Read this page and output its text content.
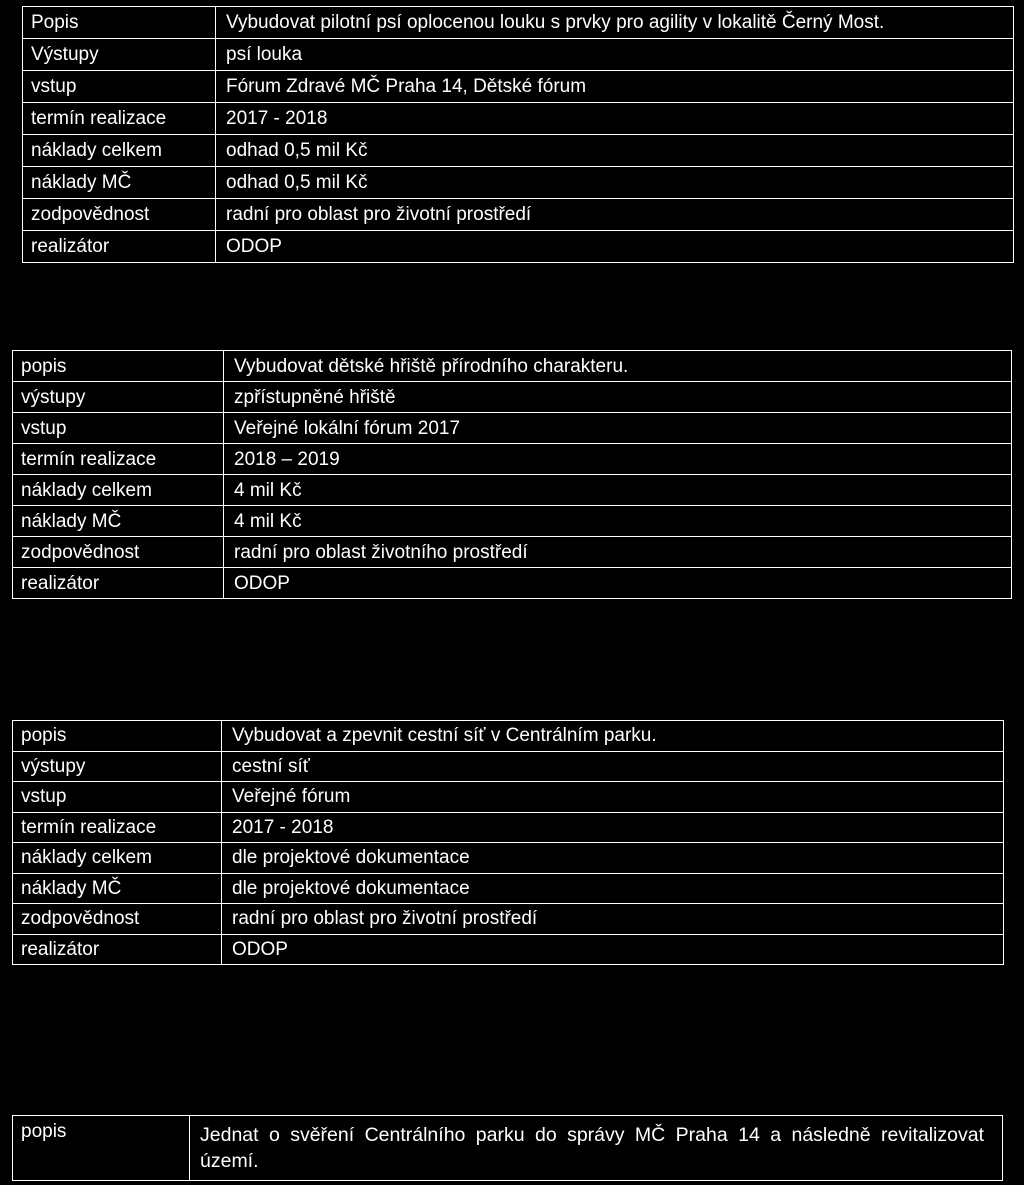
Popis	Vybudovat pilotní psí oplocenou louku s prvky pro agility v lokalitě Černý Most.
Výstupy	psí louka
vstup	Fórum Zdravé MČ Praha 14, Dětské fórum
termín realizace	2017 - 2018
náklady celkem	odhad 0,5 mil Kč
náklady MČ	odhad 0,5 mil Kč
zodpovědnost	radní pro oblast pro životní prostředí
realizátor	ODOP
popis	Vybudovat dětské hřiště přírodního charakteru.
výstupy	zpřístupněné hřiště
vstup	Veřejné lokální fórum 2017
termín realizace	2018 – 2019
náklady celkem	4 mil Kč
náklady MČ	4 mil Kč
zodpovědnost	radní pro oblast životního prostředí
realizátor	ODOP
popis	Vybudovat a zpevnit cestní síť v Centrálním parku.
výstupy	cestní síť
vstup	Veřejné fórum
termín realizace	2017 - 2018
náklady celkem	dle projektové dokumentace
náklady MČ	dle projektové dokumentace
zodpovědnost	radní pro oblast pro životní prostředí
realizátor	ODOP
popis	Jednat o svěření Centrálního parku do správy MČ Praha 14 a následně revitalizovat území.
